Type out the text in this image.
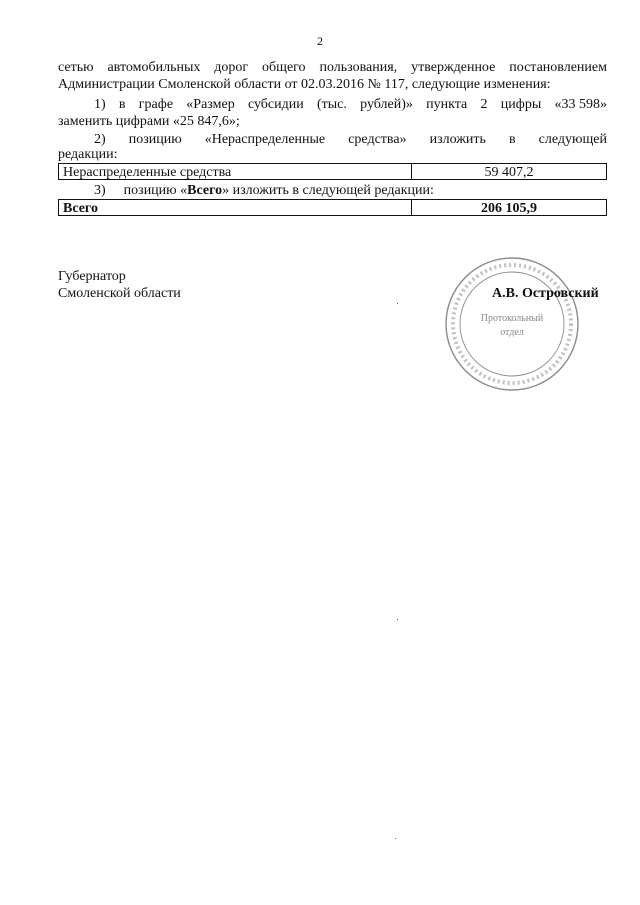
2
сетью автомобильных дорог общего пользования, утвержденное постановлением
Администрации Смоленской области от 02.03.2016 № 117, следующие изменения:
1) в графе «Размер субсидии (тыс. рублей)» пункта 2 цифры «33 598»
заменить цифрами «25 847,6»;
2) позицию «Нераспределенные средства» изложить в следующей
редакции:
Нераспределенные средства	59 407,2
3) позицию «Всего» изложить в следующей редакции:
Всего	206 105,9
Губернатор
Смоленской области
Протокольный
отдел
А.В. Островский
